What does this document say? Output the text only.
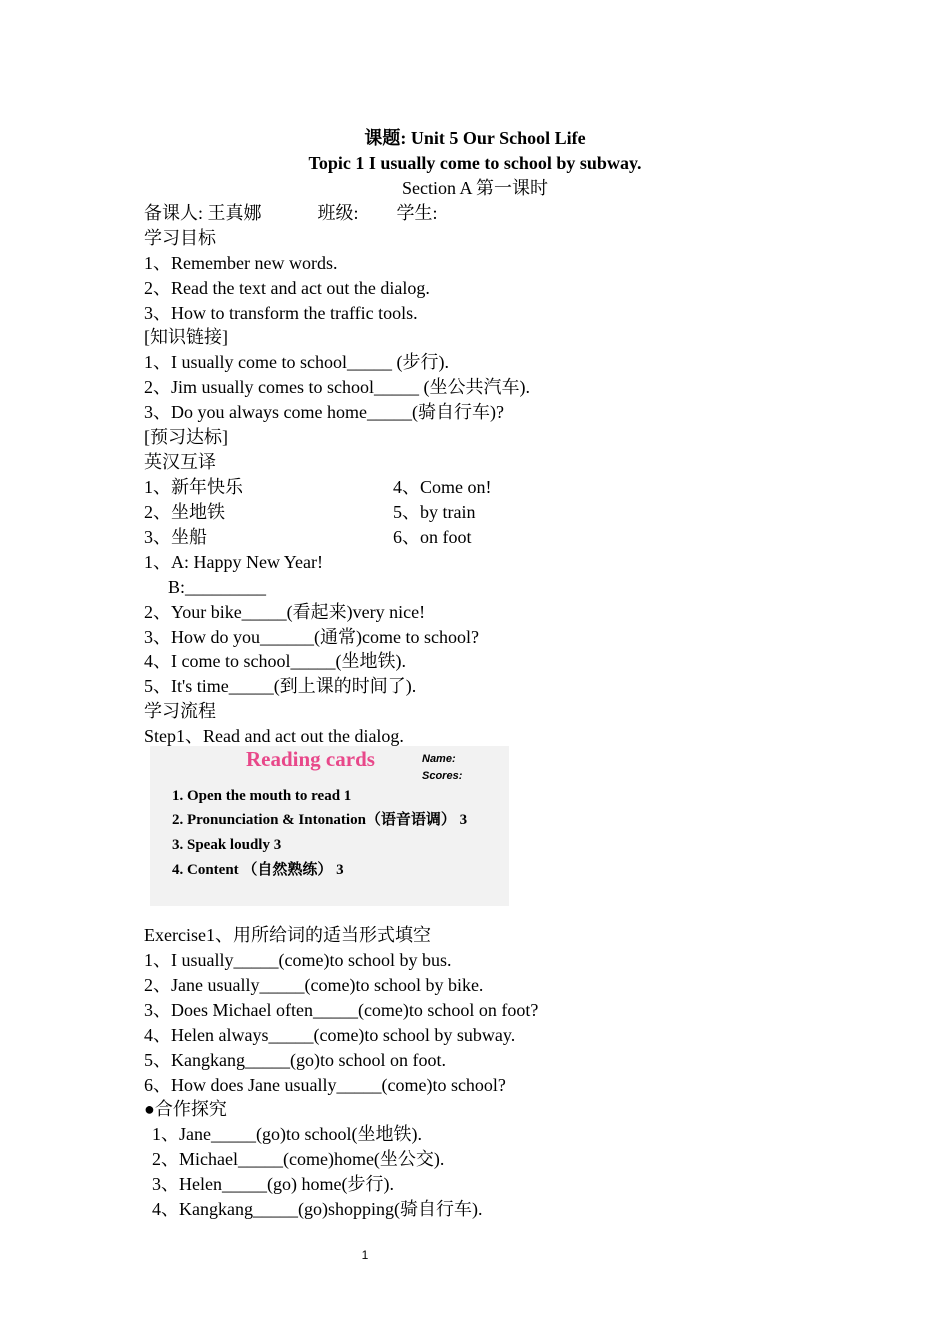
课题: Unit 5 Our School Life
Topic 1 I usually come to school by subway.
Section A 第一课时
备课人: 王真娜	班级: 学生:
学习目标
1、Remember new words.
2、Read the text and act out the dialog.
3、How to transform the traffic tools.
[知识链接]
1、I usually come to school_____ (步行).
2、Jim usually comes to school_____ (坐公共汽车).
3、Do you always come home_____(骑自行车)?
[预习达标]
英汉互译
1、新年快乐	4、Come on!
2、坐地铁	5、by train
3、坐船	6、on foot
1、A: Happy New Year!
B:_________
2、Your bike_____(看起来)very nice!
3、How do you______(通常)come to school?
4、I come to school_____(坐地铁).
5、It's time_____(到上课的时间了).
学习流程
Step1、Read and act out the dialog.
Reading cards	Name:
Scores:
1. Open the mouth to read 1
2. Pronunciation & Intonation（语音语调） 3
3. Speak loudly 3
4. Content （自然熟练） 3
Exercise1、用所给词的适当形式填空
1、I usually_____(come)to school by bus.
2、Jane usually_____(come)to school by bike.
3、Does Michael often_____(come)to school on foot?
4、Helen always_____(come)to school by subway.
5、Kangkang_____(go)to school on foot.
6、How does Jane usually_____(come)to school?
●合作探究
1、Jane_____(go)to school(坐地铁).
2、Michael_____(come)home(坐公交).
3、Helen_____(go) home(步行).
4、Kangkang_____(go)shopping(骑自行车).
1
